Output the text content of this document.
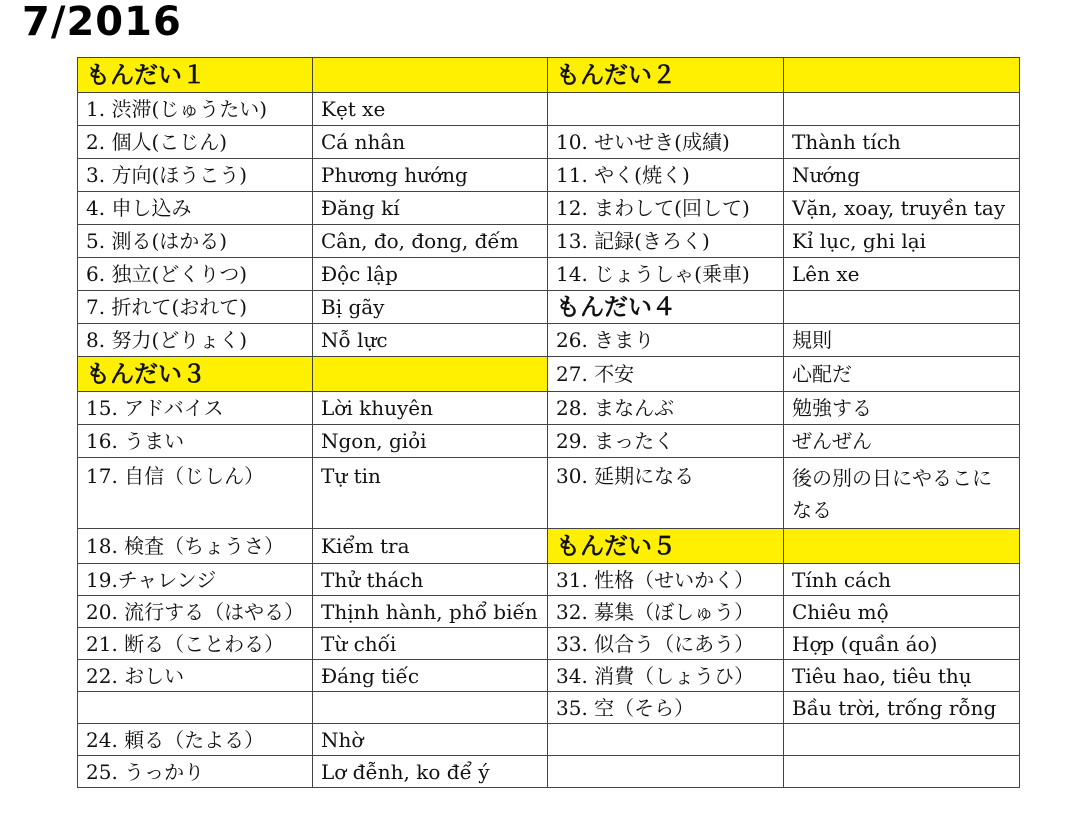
7/2016
もんだい１		もんだい２	
1. 渋滞(じゅうたい)	Kẹt xe		
2. 個人(こじん)	Cá nhân	10. せいせき(成績)	Thành tích
3. 方向(ほうこう)	Phương hướng	11. やく(焼く)	Nướng
4. 申し込み	Đăng kí	12. まわして(回して)	Vặn, xoay, truyền tay
5. 測る(はかる)	Cân, đo, đong, đếm	13. 記録(きろく)	Kỉ lục, ghi lại
6. 独立(どくりつ)	Độc lập	14. じょうしゃ(乗車)	Lên xe
7. 折れて(おれて)	Bị gãy	もんだい４	
8. 努力(どりょく)	Nỗ lực	26. きまり	規則
もんだい３		27. 不安	心配だ
15. アドバイス	Lời khuyên	28. まなんぶ	勉強する
16. うまい	Ngon, giỏi	29. まったく	ぜんぜん
17. 自信（じしん）	Tự tin	30. 延期になる	後の別の日にやるこになる
18. 検査（ちょうさ）	Kiểm tra	もんだい５	
19.チャレンジ	Thử thách	31. 性格（せいかく）	Tính cách
20. 流行する（はやる）	Thịnh hành, phổ biến	32. 募集（ぼしゅう）	Chiêu mộ
21. 断る（ことわる）	Từ chối	33. 似合う（にあう）	Hợp (quần áo)
22. おしい	Đáng tiếc	34. 消費（しょうひ）	Tiêu hao, tiêu thụ
		35. 空（そら）	Bầu trời, trống rỗng
24. 頼る（たよる）	Nhờ		
25. うっかり	Lơ đễnh, ko để ý		
